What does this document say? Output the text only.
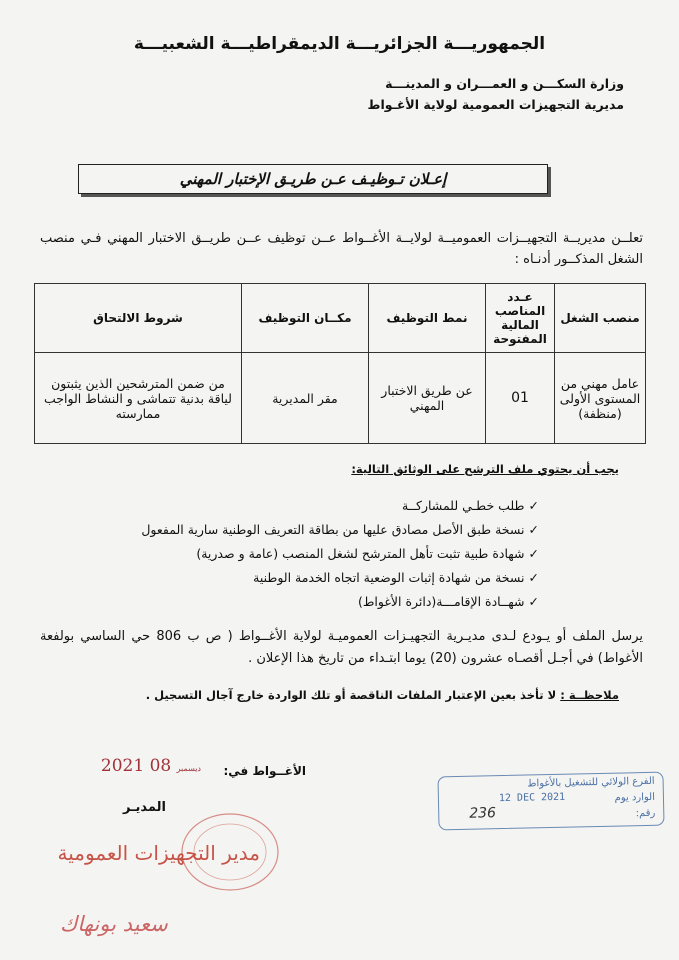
الجمهوريـــة الجزائريـــة الديمقراطيـــة الشعبيـــة
وزارة السكـــن و العمـــران و المدينـــة
مديرية التجهيزات العمومية لولاية الأغـواط
إعـلان تـوظيـف عـن طريـق الإختبار المهني
تعلــن مديريــة التجهيــزات العموميــة لولايــة الأغــواط عــن توظيف عــن طريــق الاختبار المهني فـي منصب الشغل المذكــور أدنـاه :
منصب الشغل	عـدد المناصب المالية المفتوحة	نمط التوظيف	مكــان التوظيف	شروط الالتحاق
عامل مهني من المستوى الأولى (منظفة)	01	عن طريق الاختبار المهني	مقر المديرية	من ضمن المترشحين الذين يثبتون لياقة بدنية تتماشى و النشاط الواجب ممارسته
يجب أن يحتوي ملف الترشح على الوثائق التالية:
✓ طلب خطـي للمشاركــة
✓ نسخة طبق الأصل مصادق عليها من بطاقة التعريف الوطنية سارية المفعول
✓ شهادة طبية تثبت تأهل المترشح لشغل المنصب (عامة و صدرية)
✓ نسخة من شهادة إثبات الوضعية اتجاه الخدمة الوطنية
✓ شهــادة الإقامـــة(دائرة الأغواط)
يرسل الملف أو يـودع لـدى مديـرية التجهيـزات العموميـة لولاية الأغــواط ( ص ب 806 حي الساسي بولفعة الأغواط) في أجـل أقصـاه عشرون (20) يوما ابتـداء من تاريخ هذا الإعلان .
ملاحظــة : لا تأخذ بعين الإعتبار الملفات الناقصة أو تلك الواردة خارج آجال التسجيل .
الأغــواط في:
2021	ديسمبر 08
المديـر
مدير التجهيزات العمومية
سعيد بونهاك
الفرع الولائي للتشغيل بالأغواط
الوارد يوم
رقم:
12 DEC 2021
236
